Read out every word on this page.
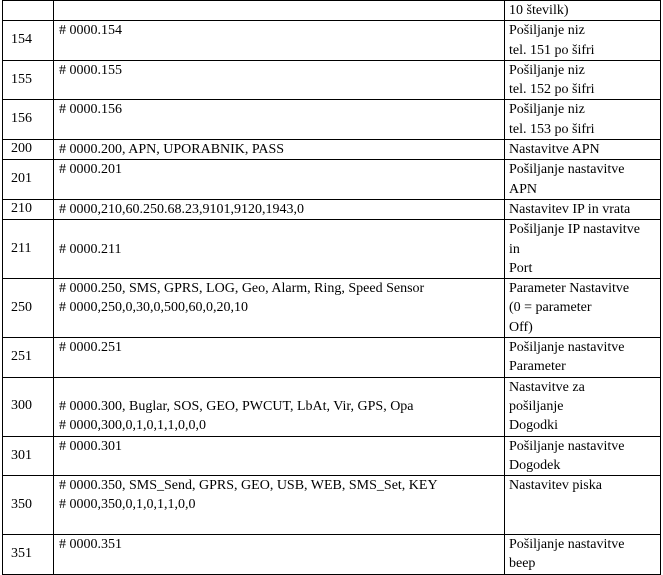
		10 številk)

154	# 0000.154	Pošiljanje niz
tel. 151 po šifri

155	# 0000.155	Pošiljanje niz
tel. 152 po šifri

156	# 0000.156	Pošiljanje niz
tel. 153 po šifri

200	# 0000.200, APN, UPORABNIK, PASS	Nastavitve APN

201	# 0000.201	Pošiljanje nastavitve
APN

210	# 0000,210,60.250.68.23,9101,9120,1943,0	Nastavitev IP in vrata

211	# 0000.211	Pošiljanje IP nastavitve
in
Port

250	# 0000.250, SMS, GPRS, LOG, Geo, Alarm, Ring, Speed Sensor
# 0000,250,0,30,0,500,60,0,20,10	Parameter Nastavitve
(0 = parameter
Off)

251	# 0000.251	Pošiljanje nastavitve
Parameter

300	# 0000.300, Buglar, SOS, GEO, PWCUT, LbAt, Vir, GPS, Opa
# 0000,300,0,1,0,1,1,0,0,0	Nastavitve za
pošiljanje
Dogodki

301	# 0000.301	Pošiljanje nastavitve
Dogodek

350	# 0000.350, SMS_Send, GPRS, GEO, USB, WEB, SMS_Set, KEY
# 0000,350,0,1,0,1,1,0,0	Nastavitev piska

351	# 0000.351	Pošiljanje nastavitve
beep
